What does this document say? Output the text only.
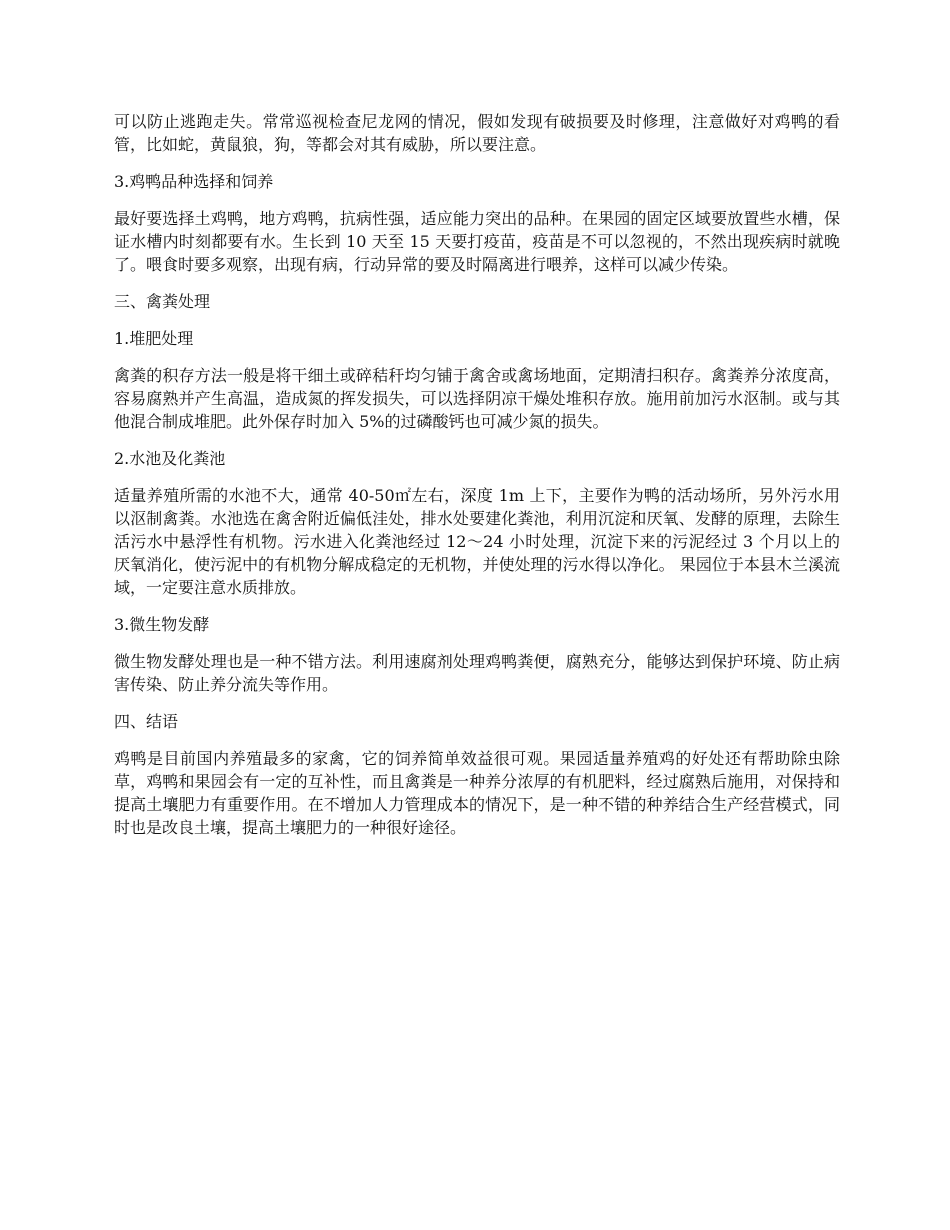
可以防止逃跑走失。常常巡视检查尼龙网的情况，假如发现有破损要及时修理，注意做好对鸡鸭的看管，比如蛇，黄鼠狼，狗，等都会对其有威胁，所以要注意。

3.鸡鸭品种选择和饲养

最好要选择土鸡鸭，地方鸡鸭，抗病性强，适应能力突出的品种。在果园的固定区域要放置些水槽，保证水槽内时刻都要有水。生长到 10 天至 15 天要打疫苗，疫苗是不可以忽视的，不然出现疾病时就晚了。喂食时要多观察，出现有病，行动异常的要及时隔离进行喂养，这样可以减少传染。

三、禽粪处理

1.堆肥处理

禽粪的积存方法一般是将干细土或碎秸秆均匀铺于禽舍或禽场地面，定期清扫积存。禽粪养分浓度高，容易腐熟并产生高温，造成氮的挥发损失，可以选择阴凉干燥处堆积存放。施用前加污水沤制。或与其他混合制成堆肥。此外保存时加入 5%的过磷酸钙也可减少氮的损失。

2.水池及化粪池

适量养殖所需的水池不大，通常 40-50㎡左右，深度 1m 上下，主要作为鸭的活动场所，另外污水用以沤制禽粪。水池选在禽舍附近偏低洼处，排水处要建化粪池，利用沉淀和厌氧、发酵的原理，去除生活污水中悬浮性有机物。污水进入化粪池经过 12～24 小时处理，沉淀下来的污泥经过 3 个月以上的厌氧消化，使污泥中的有机物分解成稳定的无机物，并使处理的污水得以净化。 果园位于本县木兰溪流域，一定要注意水质排放。

3.微生物发酵

微生物发酵处理也是一种不错方法。利用速腐剂处理鸡鸭粪便，腐熟充分，能够达到保护环境、防止病害传染、防止养分流失等作用。

四、结语

鸡鸭是目前国内养殖最多的家禽，它的饲养简单效益很可观。果园适量养殖鸡的好处还有帮助除虫除草，鸡鸭和果园会有一定的互补性，而且禽粪是一种养分浓厚的有机肥料，经过腐熟后施用，对保持和提高土壤肥力有重要作用。在不增加人力管理成本的情况下，是一种不错的种养结合生产经营模式，同时也是改良土壤，提高土壤肥力的一种很好途径。
